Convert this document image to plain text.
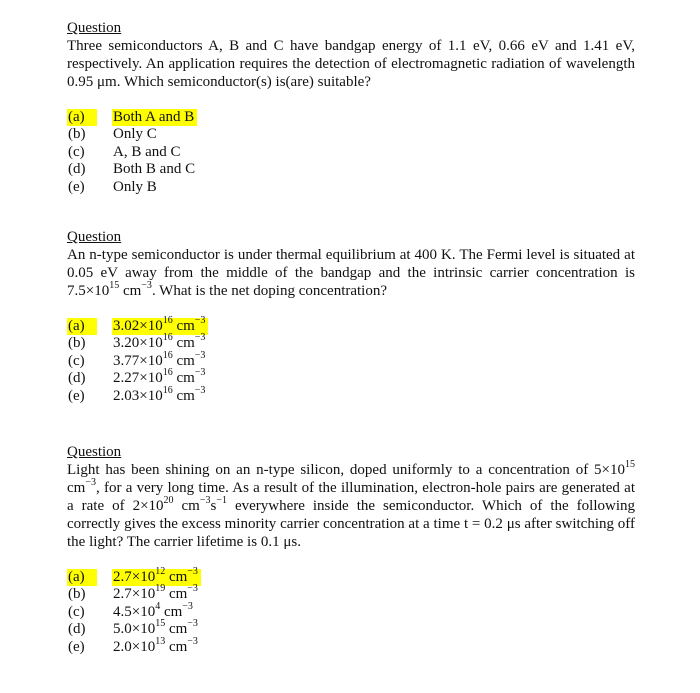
Question

Three semiconductors A, B and C have bandgap energy of 1.1 eV, 0.66 eV and 1.41 eV, respectively. An application requires the detection of electromagnetic radiation of wavelength 0.95 μm. Which semiconductor(s) is(are) suitable?

(a)	Both A and B
(b)	Only C
(c)	A, B and C
(d)	Both B and C
(e)	Only B

Question

An n-type semiconductor is under thermal equilibrium at 400 K. The Fermi level is situated at 0.05 eV away from the middle of the bandgap and the intrinsic carrier concentration is $7.5\times 10^{15}$ $cm^{-3}$. What is the net doping concentration?

(a)	$3.02\times 10^{16}$ $cm^{-3}$
(b)	$3.20\times 10^{16}$ $cm^{-3}$
(c)	$3.77\times 10^{16}$ $cm^{-3}$
(d)	$2.27\times 10^{16}$ $cm^{-3}$
(e)	$2.03\times 10^{16}$ $cm^{-3}$

Question

Light has been shining on an n-type silicon, doped uniformly to a concentration of $5\times 10^{15}$ $cm^{-3}$, for a very long time. As a result of the illumination, electron-hole pairs are generated at a rate of $2\times 10^{20}$ $cm^{-3}s^{-1}$ everywhere inside the semiconductor. Which of the following correctly gives the excess minority carrier concentration at a time t = 0.2 μs after switching off the light? The carrier lifetime is 0.1 μs.

(a)	$2.7\times 10^{12}$ $cm^{-3}$
(b)	$2.7\times 10^{19}$ $cm^{-3}$
(c)	$4.5\times 10^4$ $cm^{-3}$
(d)	$5.0\times 10^{15}$ $cm^{-3}$
(e)	$2.0\times 10^{13}$ $cm^{-3}$
